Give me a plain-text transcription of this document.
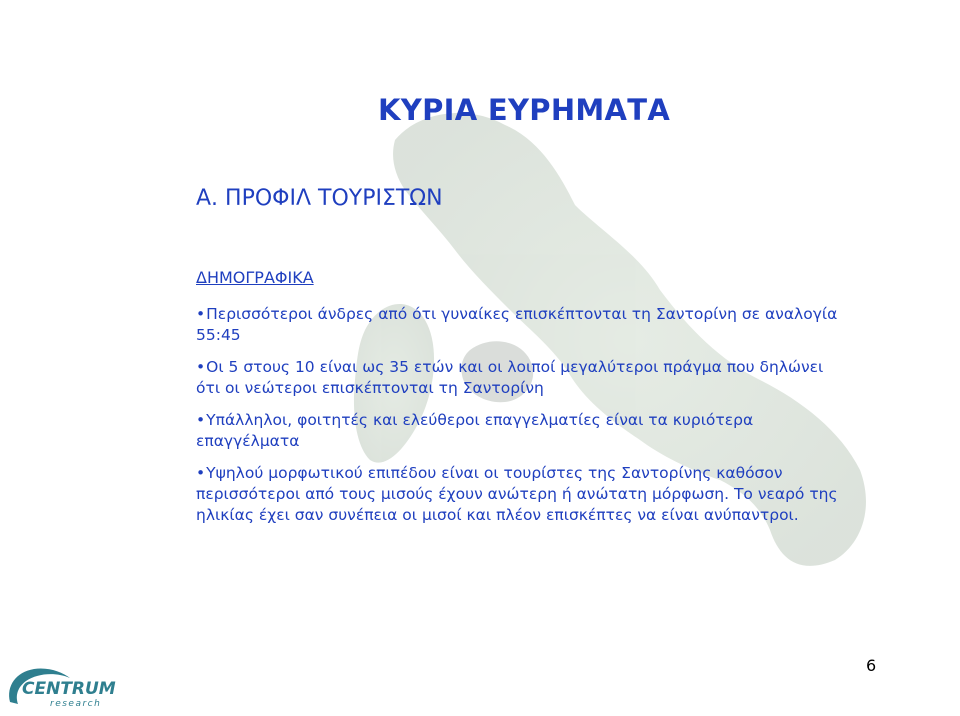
ΚΥΡΙΑ ΕΥΡΗΜΑΤΑ
Α. ΠΡΟΦΙΛ ΤΟΥΡΙΣΤΩΝ
ΔΗΜΟΓΡΑΦΙΚΑ
• Περισσότεροι άνδρες από ότι γυναίκες επισκέπτονται τη Σαντορίνη σε αναλογία 55:45
• Οι 5 στους 10 είναι ως 35 ετών και οι λοιποί μεγαλύτεροι πράγμα που δηλώνει ότι οι νεώτεροι επισκέπτονται τη Σαντορίνη
• Υπάλληλοι, φοιτητές και ελεύθεροι επαγγελματίες είναι τα κυριότερα επαγγέλματα
• Υψηλού μορφωτικού επιπέδου είναι οι τουρίστες της Σαντορίνης καθόσον περισσότεροι από τους μισούς έχουν ανώτερη ή ανώτατη μόρφωση. Το νεαρό της ηλικίας έχει σαν συνέπεια οι μισοί και πλέον επισκέπτες να είναι ανύπαντροι.
6
CENTRUM
research
